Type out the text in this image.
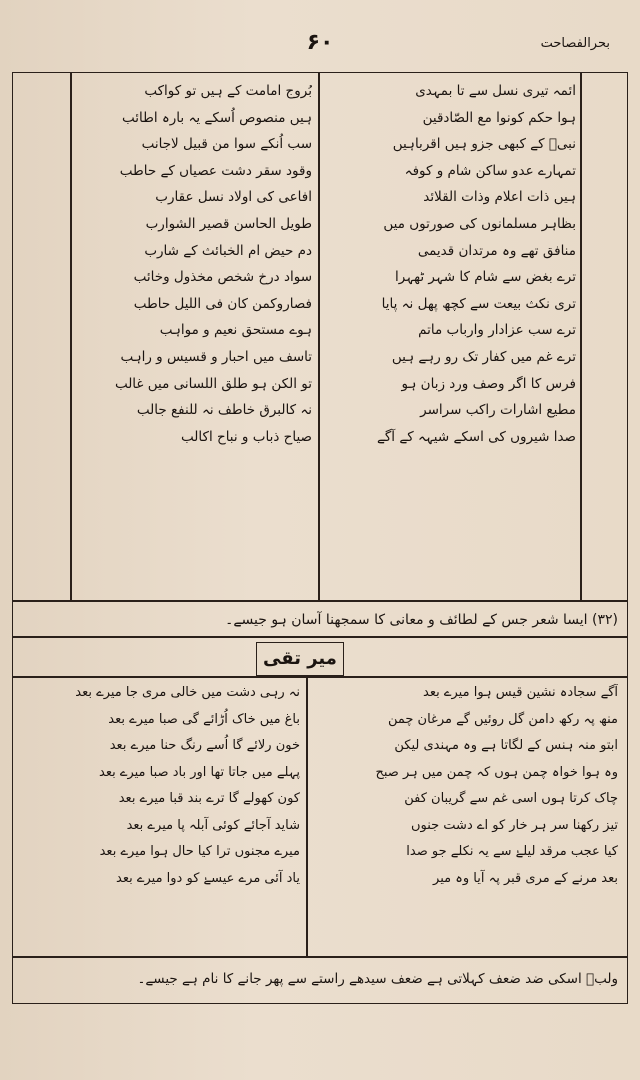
بحرالفصاحت
۶۰
ائمہ تیری نسل سے تا بمہدی
ہوا حکم کونوا مع الصّادقین
نبیؐ کے کبھی جزو ہیں اقرباہیں
تمہارے عدو ساکن شام و کوفہ
ہیں ذات اعلام وذات القلائد
بظاہر مسلمانوں کی صورتوں میں
منافق تھے وہ مرتدان قدیمی
ترے بغض سے شام کا شہر ٹھہرا
تری نکث بیعت سے کچھ پھل نہ پایا
ترے سب عزادار وارباب ماتم
ترے غم میں کفار تک رو رہے ہیں
فرس کا اگر وصف ورد زبان ہو
مطیع اشارات راکب سراسر
صدا شیروں کی اسکے شیہہ کے آگے
بُروج امامت کے ہیں تو کواکب
ہیں منصوص اُسکے یہ بارہ اطائب
سب اُنکے سوا من قبیل لاجانب
وقود سقر دشت عصیاں کے حاطب
افاعی کی اولاد نسل عقارب
طویل الحاسن قصیر الشوارب
دم حیض ام الخبائث کے شارب
سواد درخ شخص مخذول وخائب
فصاروکمن کان فی اللیل حاطب
ہوے مستحق نعیم و مواہب
تاسف میں احبار و قسیس و راہب
تو الکن ہو طلق اللسانی میں غالب
نہ کالبرق خاطف نہ للنفع جالب
صیاح ذباب و نباح اکالب
(۳۲) ایسا شعر جس کے لطائف و معانی کا سمجھنا آسان ہو جیسے۔
میر تقی
آگے سجادہ نشین قیس ہوا میرے بعد
منھ پہ رکھ دامن گل روئیں گے مرغان چمن
ابتو منہ ہنس کے لگاتا ہے وہ مہندی لیکن
وہ ہوا خواہ چمن ہوں کہ چمن میں ہر صبح
چاک کرتا ہوں اسی غم سے گریبان کفن
تیز رکھنا سر ہر خار کو اے دشت جنوں
کیا عجب مرقد لیلےٰ سے یہ نکلے جو صدا
بعد مرنے کے مری قبر پہ آیا وہ میر
نہ رہی دشت میں خالی مری جا میرے بعد
باغ میں خاک اُڑائے گی صبا میرے بعد
خون رلائے گا اُسے رنگ حنا میرے بعد
پہلے میں جاتا تھا اور باد صبا میرے بعد
کون کھولے گا ترے بند قبا میرے بعد
شاید آجائے کوئی آبلہ پا میرے بعد
میرے مجنوں ترا کیا حال ہوا میرے بعد
یاد آئی مرے عیسےٰ کو دوا میرے بعد
ولبؔ اسکی ضد ضعف کہلاتی ہے ضعف سیدھے راستے سے پھر جانے کا نام ہے جیسے۔
